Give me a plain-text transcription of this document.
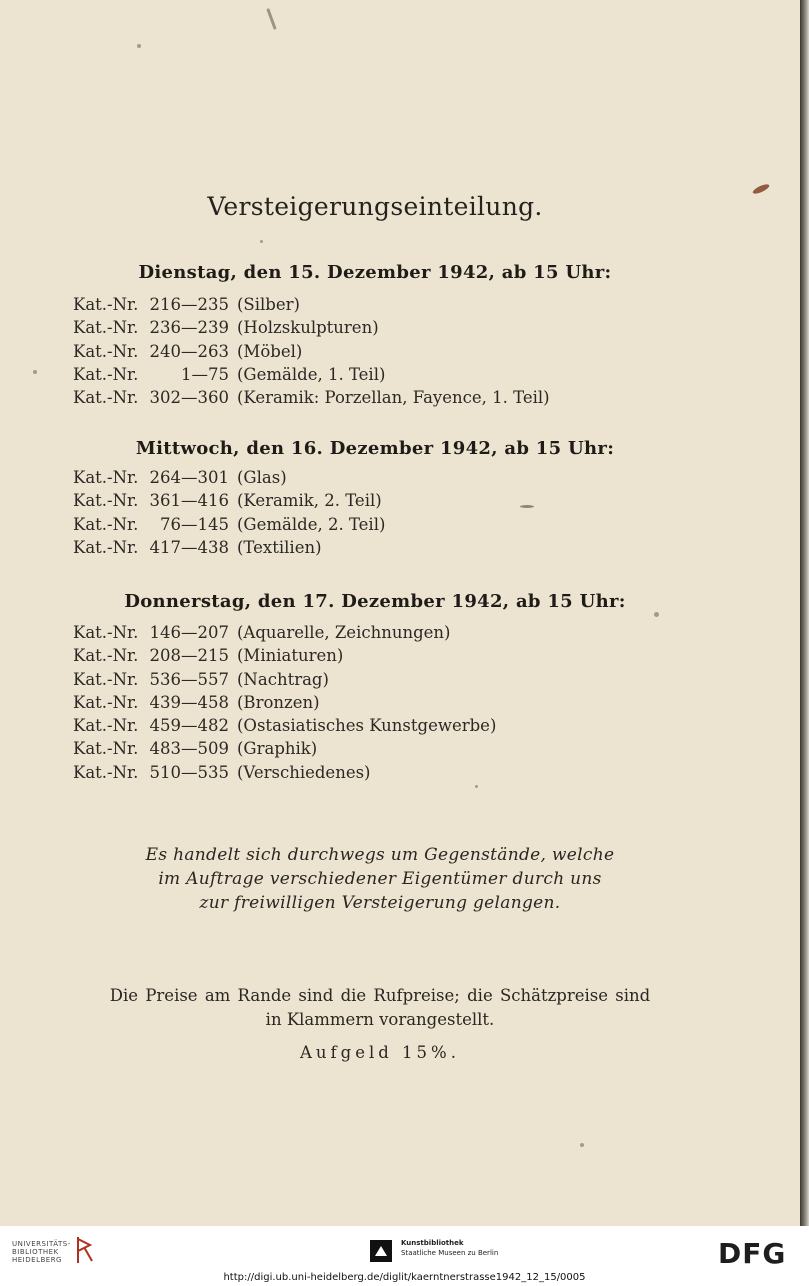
Versteigerungseinteilung.
Dienstag, den 15. Dezember 1942, ab 15 Uhr:
Kat.-Nr. 216—235 (Silber)
Kat.-Nr. 236—239 (Holzskulpturen)
Kat.-Nr. 240—263 (Möbel)
Kat.-Nr.	1—75 (Gemälde, 1. Teil)
Kat.-Nr. 302—360 (Keramik: Porzellan, Fayence, 1. Teil)
Mittwoch, den 16. Dezember 1942, ab 15 Uhr:
Kat.-Nr. 264—301 (Glas)
Kat.-Nr. 361—416 (Keramik, 2. Teil)
Kat.-Nr.	76—145 (Gemälde, 2. Teil)
Kat.-Nr. 417—438 (Textilien)
Donnerstag, den 17. Dezember 1942, ab 15 Uhr:
Kat.-Nr. 146—207 (Aquarelle, Zeichnungen)
Kat.-Nr. 208—215 (Miniaturen)
Kat.-Nr. 536—557 (Nachtrag)
Kat.-Nr. 439—458 (Bronzen)
Kat.-Nr. 459—482 (Ostasiatisches Kunstgewerbe)
Kat.-Nr. 483—509 (Graphik)
Kat.-Nr. 510—535 (Verschiedenes)
Es handelt sich durchwegs um Gegenstände, welche
im Auftrage verschiedener Eigentümer durch uns
zur freiwilligen Versteigerung gelangen.
Die Preise am Rande sind die Rufpreise; die Schätzpreise sind
in Klammern vorangestellt.
Aufgeld 15%.
UNIVERSITÄTS-
BIBLIOTHEK
HEIDELBERG
Kunstbibliothek
Staatliche Museen zu Berlin	DFG
http://digi.ub.uni-heidelberg.de/diglit/kaerntnerstrasse1942_12_15/0005
